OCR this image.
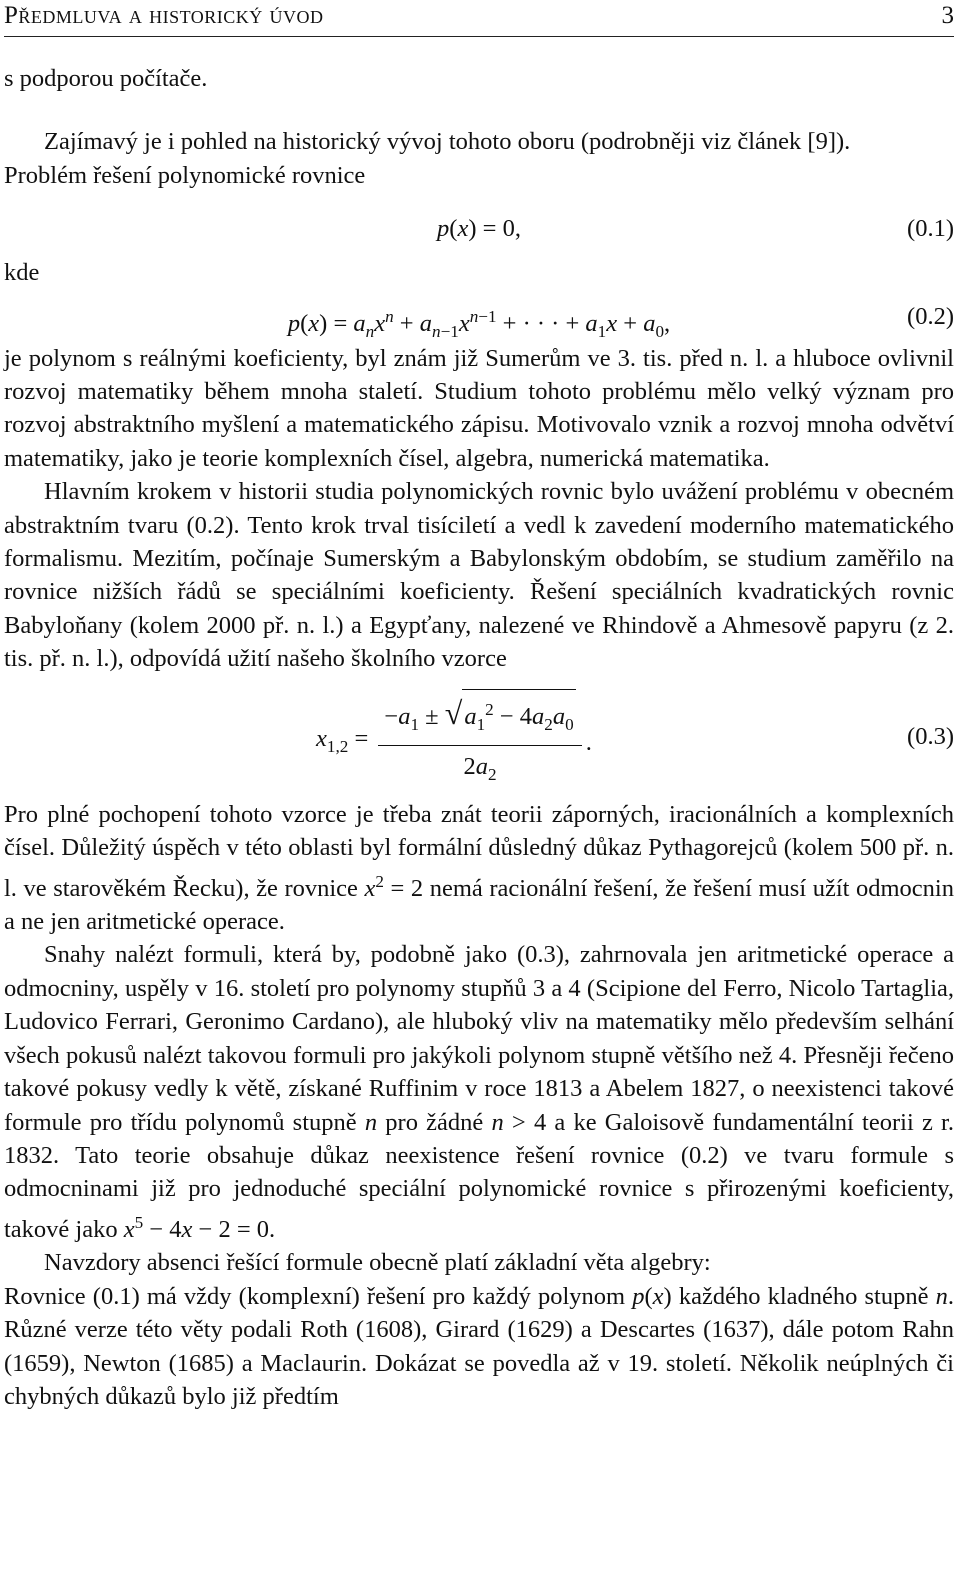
Předmluva a historický úvod	3

s podporou počítače.

Zajímavý je i pohled na historický vývoj tohoto oboru (podrobněji viz článek [9]).

Problém řešení polynomické rovnice

p(x) = 0,	(0.1)

kde

$p(x) = a_nx^n + a_{n-1}x^{n-1}$ + · · · + $a_1x + a_0$,	(0.2)

je polynom s reálnými koeficienty, byl znám již Sumerům ve 3. tis. před n. l. a hluboce ovlivnil rozvoj matematiky během mnoha staletí. Studium tohoto problému mělo velký význam pro rozvoj abstraktního myšlení a matematického zápisu. Motivovalo vznik a rozvoj mnoha odvětví matematiky, jako je teorie komplexních čísel, algebra, numerická matematika.

Hlavním krokem v historii studia polynomických rovnic bylo uvážení problému v obecném abstraktním tvaru (0.2). Tento krok trval tisíciletí a vedl k zavedení moderního matematického formalismu. Mezitím, počínaje Sumerským a Babylonským obdobím, se studium zaměřilo na rovnice nižších řádů se speciálními koeficienty. Řešení speciálních kvadratických rovnic Babyloňany (kolem 2000 př. n. l.) a Egypťany, nalezené ve Rhindově a Ahmesově papyru (z 2. tis. př. n. l.), odpovídá užití našeho školního vzorce

$x_{1,2} = \frac{-a_1 \pm √a_1^2 - 4a_2a_0}{2a_2}$ .	(0.3)

Pro plné pochopení tohoto vzorce je třeba znát teorii záporných, iracionálních a komplexních čísel. Důležitý úspěch v této oblasti byl formální důsledný důkaz Pythagorejců (kolem 500 př. n. l. ve starověkém Řecku), že rovnice $x^2 = 2$ nemá racionální řešení, že řešení musí užít odmocnin a ne jen aritmetické operace.

Snahy nalézt formuli, která by, podobně jako (0.3), zahrnovala jen aritmetické operace a odmocniny, uspěly v 16. století pro polynomy stupňů 3 a 4 (Scipione del Ferro, Nicolo Tartaglia, Ludovico Ferrari, Geronimo Cardano), ale hluboký vliv na matematiky mělo především selhání všech pokusů nalézt takovou formuli pro jakýkoli polynom stupně většího než 4. Přesněji řečeno takové pokusy vedly k větě, získané Ruffinim v roce 1813 a Abelem 1827, o neexistenci takové formule pro třídu polynomů stupně n pro žádné n > 4 a ke Galoisově fundamentální teorii z r. 1832. Tato teorie obsahuje důkaz neexistence řešení rovnice (0.2) ve tvaru formule s odmocninami již pro jednoduché speciální polynomické rovnice s přirozenými koeficienty, takové jako $x^5 - 4x - 2 = 0$.

Navzdory absenci řešící formule obecně platí základní věta algebry:

Rovnice (0.1) má vždy (komplexní) řešení pro každý polynom p(x) každého kladného stupně n. Různé verze této věty podali Roth (1608), Girard (1629) a Descartes (1637), dále potom Rahn (1659), Newton (1685) a Maclaurin. Dokázat se povedla až v 19. století. Několik neúplných či chybných důkazů bylo již předtím
